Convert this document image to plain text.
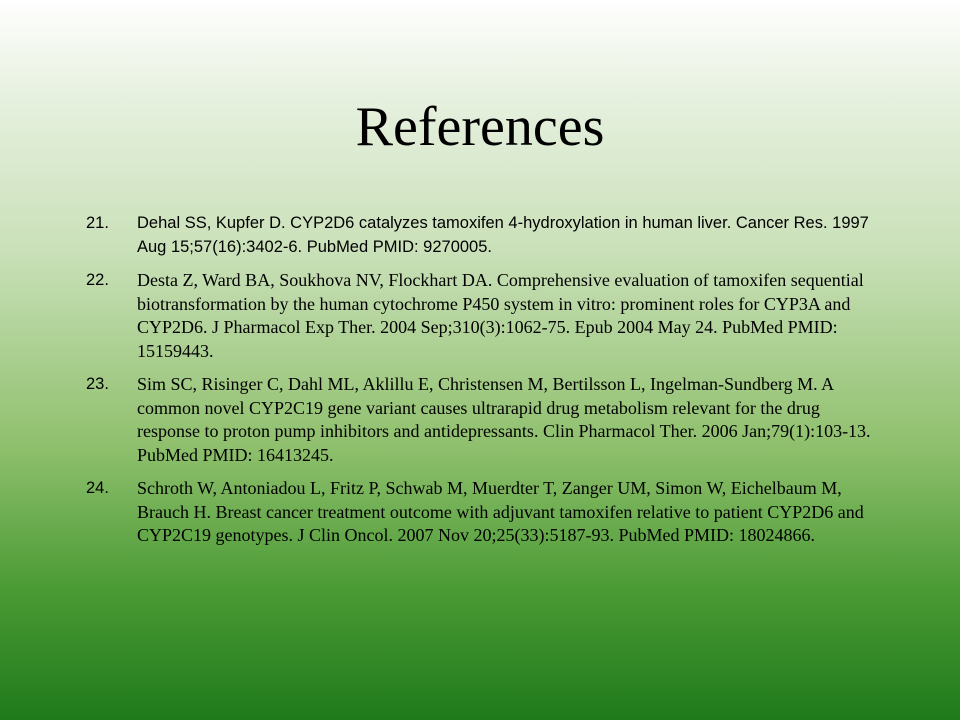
References
21. Dehal SS, Kupfer D. CYP2D6 catalyzes tamoxifen 4-hydroxylation in human liver. Cancer Res. 1997 Aug 15;57(16):3402-6. PubMed PMID: 9270005.
22. Desta Z, Ward BA, Soukhova NV, Flockhart DA. Comprehensive evaluation of tamoxifen sequential biotransformation by the human cytochrome P450 system in vitro: prominent roles for CYP3A and CYP2D6. J Pharmacol Exp Ther. 2004 Sep;310(3):1062-75. Epub 2004 May 24. PubMed PMID: 15159443.
23. Sim SC, Risinger C, Dahl ML, Aklillu E, Christensen M, Bertilsson L, Ingelman-Sundberg M. A common novel CYP2C19 gene variant causes ultrarapid drug metabolism relevant for the drug response to proton pump inhibitors and antidepressants. Clin Pharmacol Ther. 2006 Jan;79(1):103-13. PubMed PMID: 16413245.
24. Schroth W, Antoniadou L, Fritz P, Schwab M, Muerdter T, Zanger UM, Simon W, Eichelbaum M, Brauch H. Breast cancer treatment outcome with adjuvant tamoxifen relative to patient CYP2D6 and CYP2C19 genotypes. J Clin Oncol. 2007 Nov 20;25(33):5187-93. PubMed PMID: 18024866.
